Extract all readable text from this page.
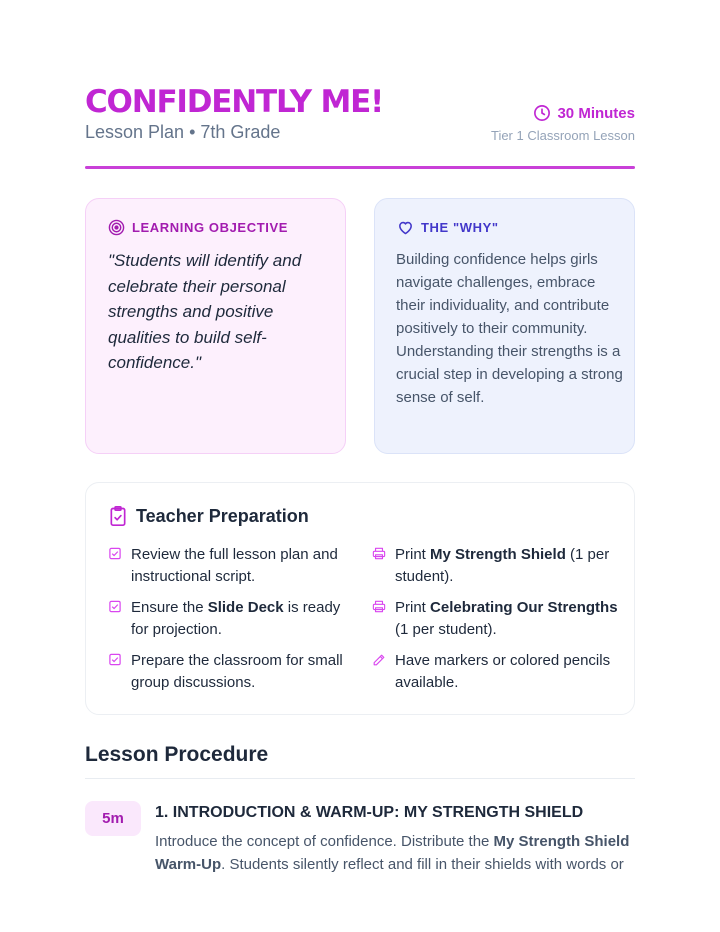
CONFIDENTLY ME!
Lesson Plan • 7th Grade
30 Minutes
Tier 1 Classroom Lesson
LEARNING OBJECTIVE
"Students will identify and celebrate their personal strengths and positive qualities to build self-confidence."
THE "WHY"
Building confidence helps girls navigate challenges, embrace their individuality, and contribute positively to their community. Understanding their strengths is a crucial step in developing a strong sense of self.
Teacher Preparation
Review the full lesson plan and instructional script.
Print My Strength Shield (1 per student).
Ensure the Slide Deck is ready for projection.
Print Celebrating Our Strengths (1 per student).
Prepare the classroom for small group discussions.
Have markers or colored pencils available.
Lesson Procedure
5m	1. INTRODUCTION & WARM-UP: MY STRENGTH SHIELD
Introduce the concept of confidence. Distribute the My Strength Shield Warm-Up. Students silently reflect and fill in their shields with words or
